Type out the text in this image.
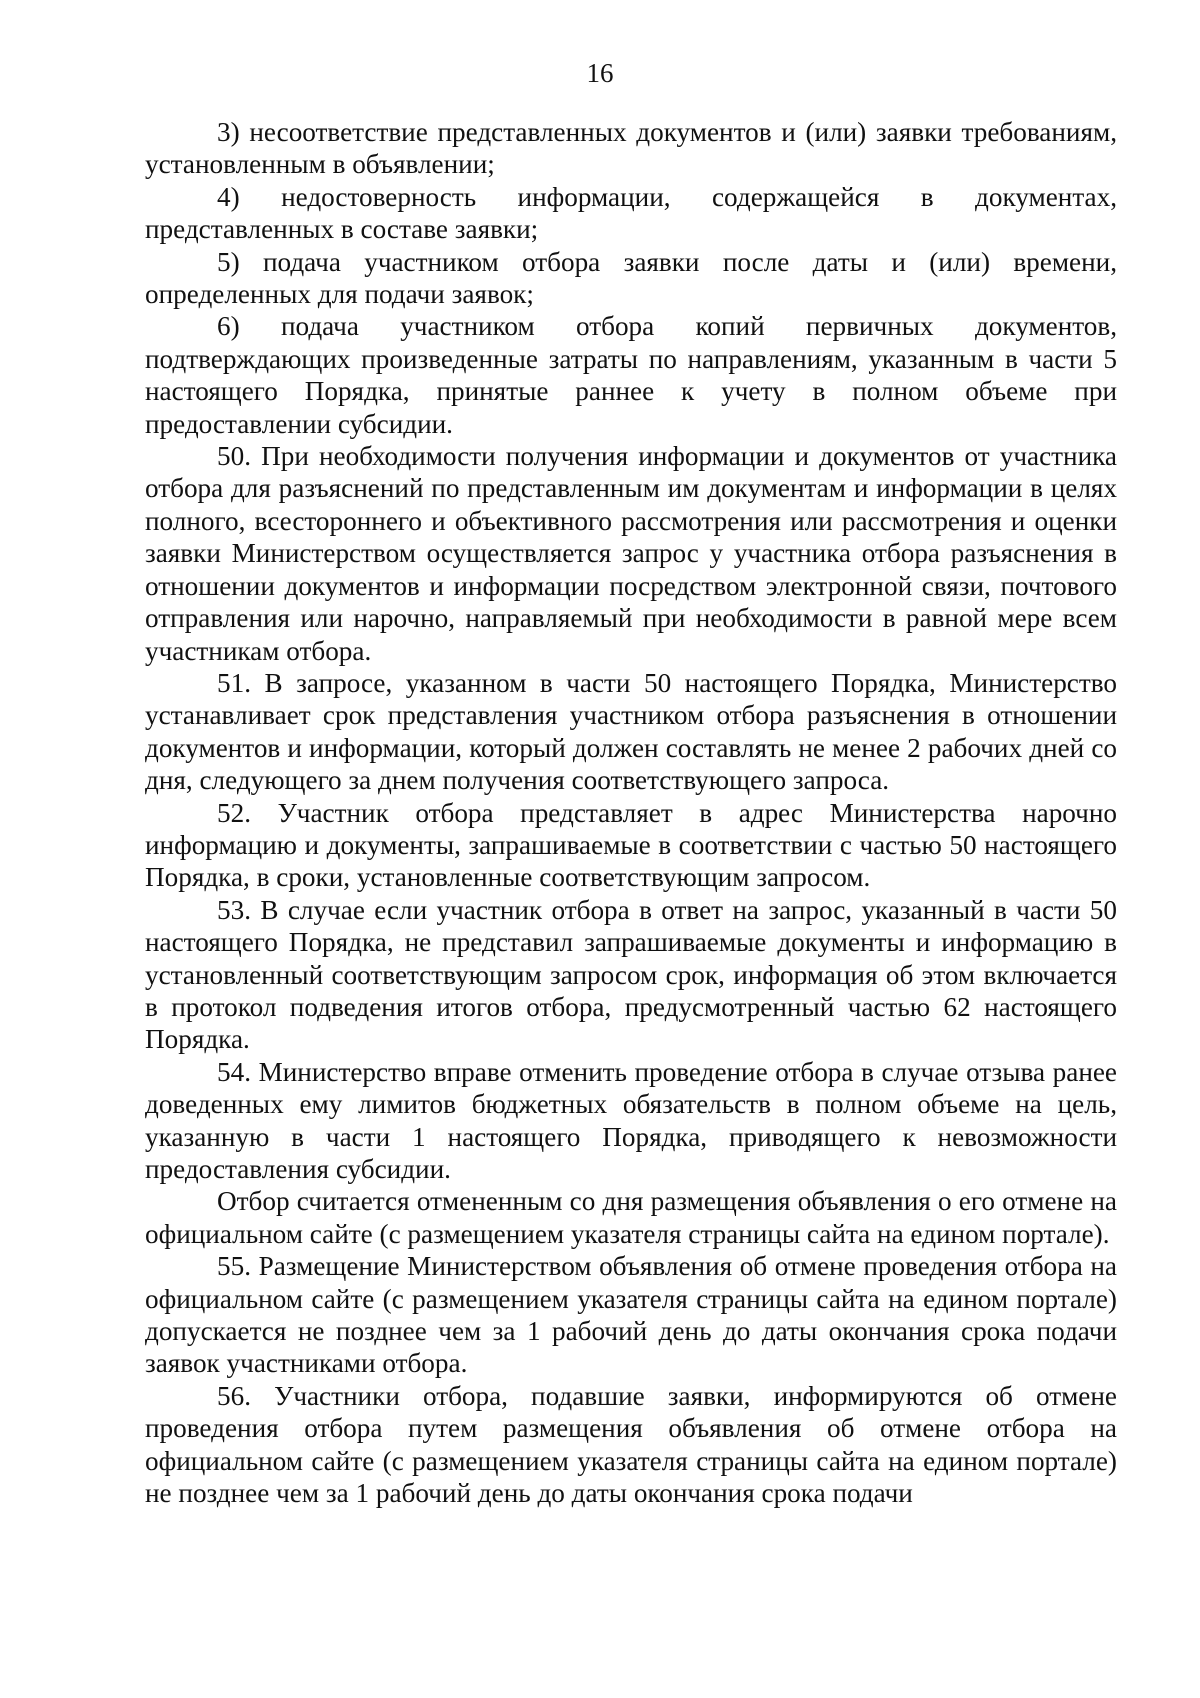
16

3) несоответствие представленных документов и (или) заявки требованиям, установленным в объявлении;

4) недостоверность информации, содержащейся в документах, представленных в составе заявки;

5) подача участником отбора заявки после даты и (или) времени, определенных для подачи заявок;

6) подача участником отбора копий первичных документов, подтверждающих произведенные затраты по направлениям, указанным в части 5 настоящего Порядка, принятые раннее к учету в полном объеме при предоставлении субсидии.

50. При необходимости получения информации и документов от участника отбора для разъяснений по представленным им документам и информации в целях полного, всестороннего и объективного рассмотрения или рассмотрения и оценки заявки Министерством осуществляется запрос у участника отбора разъяснения в отношении документов и информации посредством электронной связи, почтового отправления или нарочно, направляемый при необходимости в равной мере всем участникам отбора.

51. В запросе, указанном в части 50 настоящего Порядка, Министерство устанавливает срок представления участником отбора разъяснения в отношении документов и информации, который должен составлять не менее 2 рабочих дней со дня, следующего за днем получения соответствующего запроса.

52. Участник отбора представляет в адрес Министерства нарочно информацию и документы, запрашиваемые в соответствии с частью 50 настоящего Порядка, в сроки, установленные соответствующим запросом.

53. В случае если участник отбора в ответ на запрос, указанный в части 50 настоящего Порядка, не представил запрашиваемые документы и информацию в установленный соответствующим запросом срок, информация об этом включается в протокол подведения итогов отбора, предусмотренный частью 62 настоящего Порядка.

54. Министерство вправе отменить проведение отбора в случае отзыва ранее доведенных ему лимитов бюджетных обязательств в полном объеме на цель, указанную в части 1 настоящего Порядка, приводящего к невозможности предоставления субсидии.

Отбор считается отмененным со дня размещения объявления о его отмене на официальном сайте (с размещением указателя страницы сайта на едином портале).

55. Размещение Министерством объявления об отмене проведения отбора на официальном сайте (с размещением указателя страницы сайта на едином портале) допускается не позднее чем за 1 рабочий день до даты окончания срока подачи заявок участниками отбора.

56. Участники отбора, подавшие заявки, информируются об отмене проведения отбора путем размещения объявления об отмене отбора на официальном сайте (с размещением указателя страницы сайта на едином портале) не позднее чем за 1 рабочий день до даты окончания срока подачи
